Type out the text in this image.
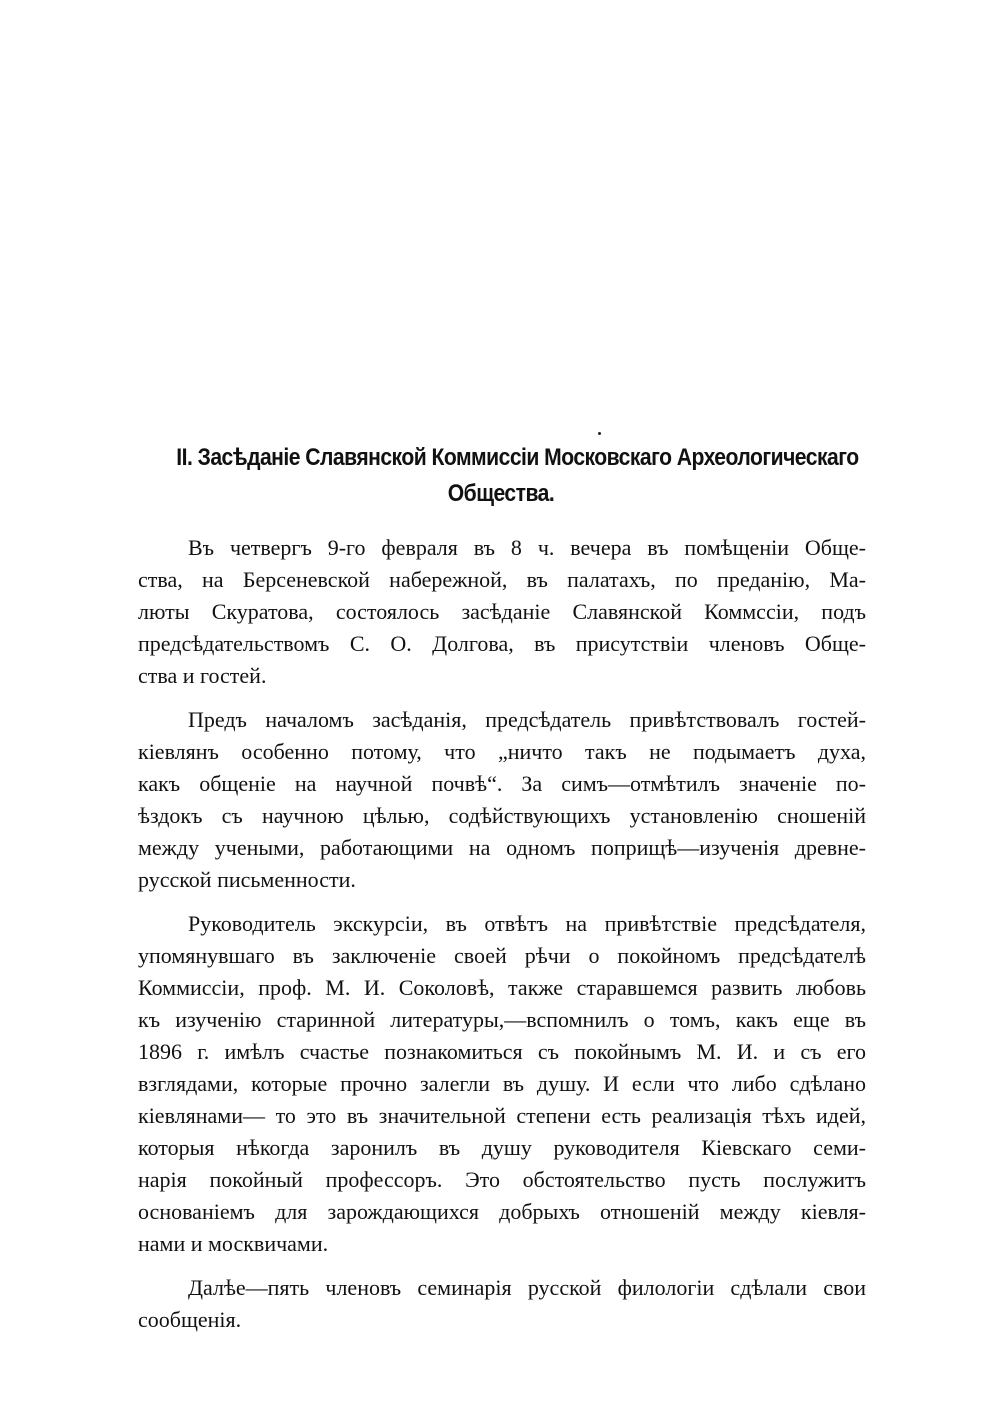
II. Засѣданіе Славянской Коммиссіи Московскаго Археологическаго
Общества.
Въ четвергъ 9-го февраля въ 8 ч. вечера въ помѣщеніи Обще-
ства, на Берсеневской набережной, въ палатахъ, по преданію, Ма-
люты Скуратова, состоялось засѣданіе Славянской Коммссіи, подъ
предсѣдательствомъ С. О. Долгова, въ присутствіи членовъ Обще-
ства и гостей.
Предъ началомъ засѣданія, предсѣдатель привѣтствовалъ гостей-
кіевлянъ особенно потому, что „ничто такъ не подымаетъ духа,
какъ общеніе на научной почвѣ“. За симъ—отмѣтилъ значеніе по-
ѣздокъ съ научною цѣлью, содѣйствующихъ установленію сношеній
между учеными, работающими на одномъ поприщѣ—изученія древне-
русской письменности.
Руководитель экскурсіи, въ отвѣтъ на привѣтствіе предсѣдателя,
упомянувшаго въ заключеніе своей рѣчи о покойномъ предсѣдателѣ
Коммиссіи, проф. М. И. Соколовѣ, также старавшемся развить любовь
къ изученію старинной литературы,—вспомнилъ о томъ, какъ еще въ
1896 г. имѣлъ счастье познакомиться съ покойнымъ М. И. и съ его
взглядами, которые прочно залегли въ душу. И если что либо сдѣлано
кіевлянами— то это въ значительной степени есть реализація тѣхъ идей,
которыя нѣкогда заронилъ въ душу руководителя Кіевскаго семи-
нарія покойный профессоръ. Это обстоятельство пусть послужитъ
основаніемъ для зарождающихся добрыхъ отношеній между кіевля-
нами и москвичами.
Далѣе—пять членовъ семинарія русской филологіи сдѣлали свои
сообщенія.
